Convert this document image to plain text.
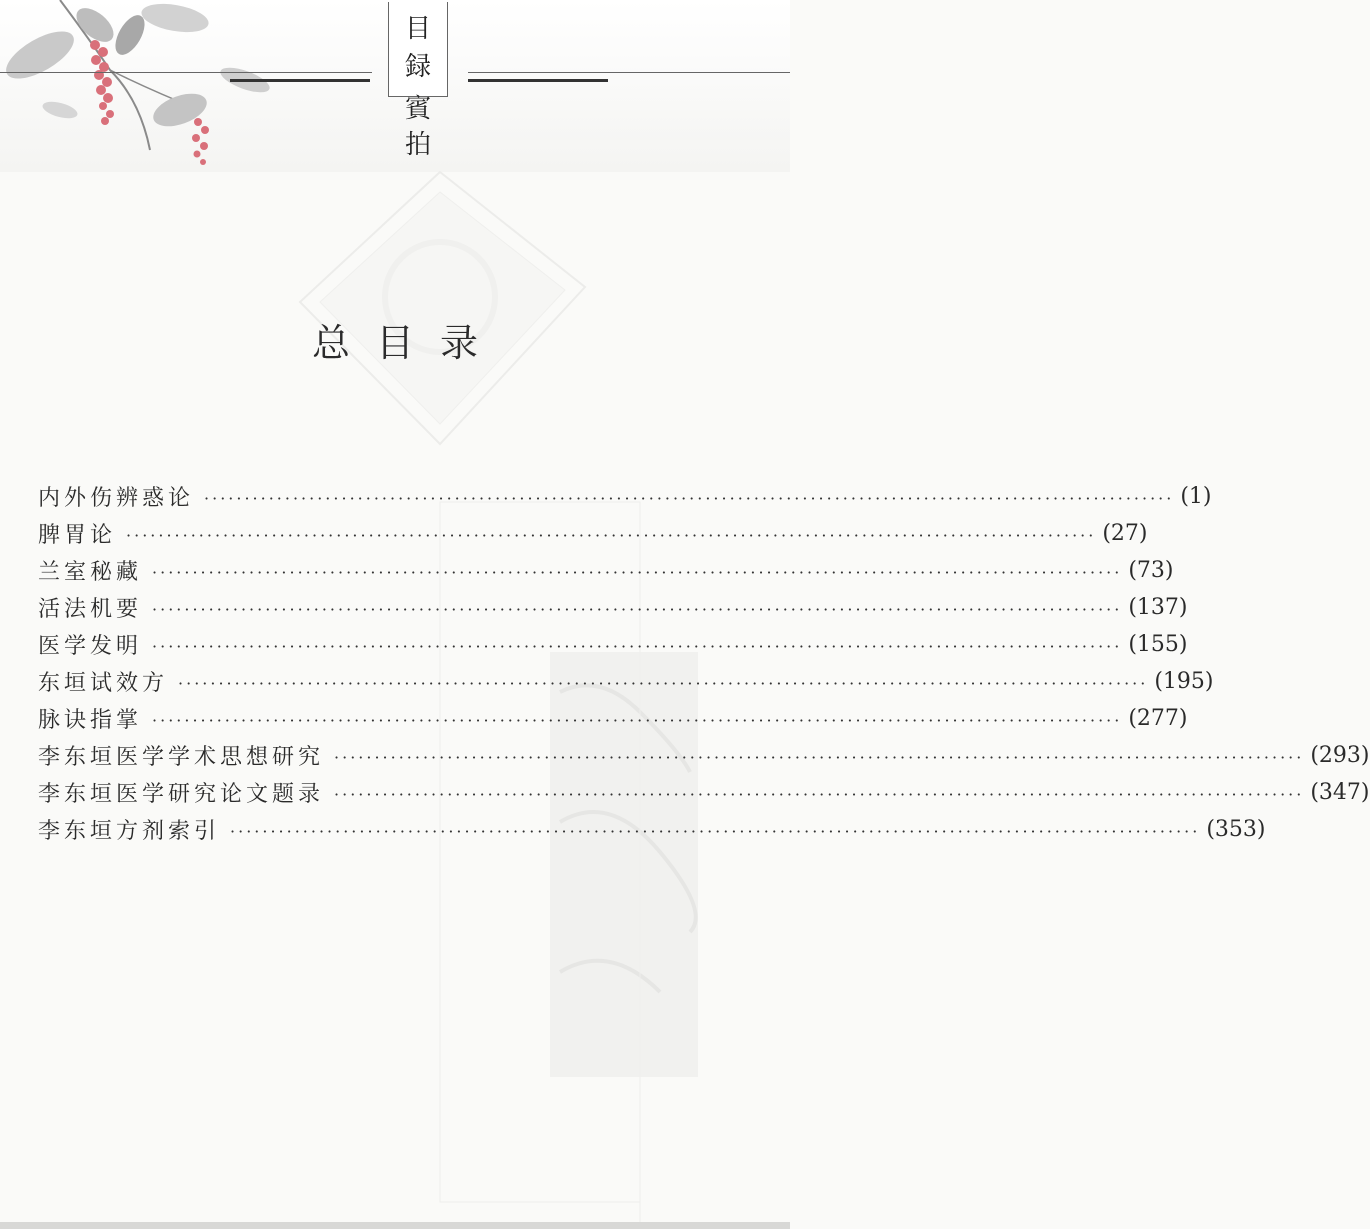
目
録
賓
拍
总目录
内外伤辨惑论 ························································································································ (1)
脾胃论 ························································································································ (27)
兰室秘藏 ························································································································ (73)
活法机要 ························································································································ (137)
医学发明 ························································································································ (155)
东垣试效方 ························································································································ (195)
脉诀指掌 ························································································································ (277)
李东垣医学学术思想研究 ························································································································ (293)
李东垣医学研究论文题录 ························································································································ (347)
李东垣方剂索引 ························································································································ (353)
